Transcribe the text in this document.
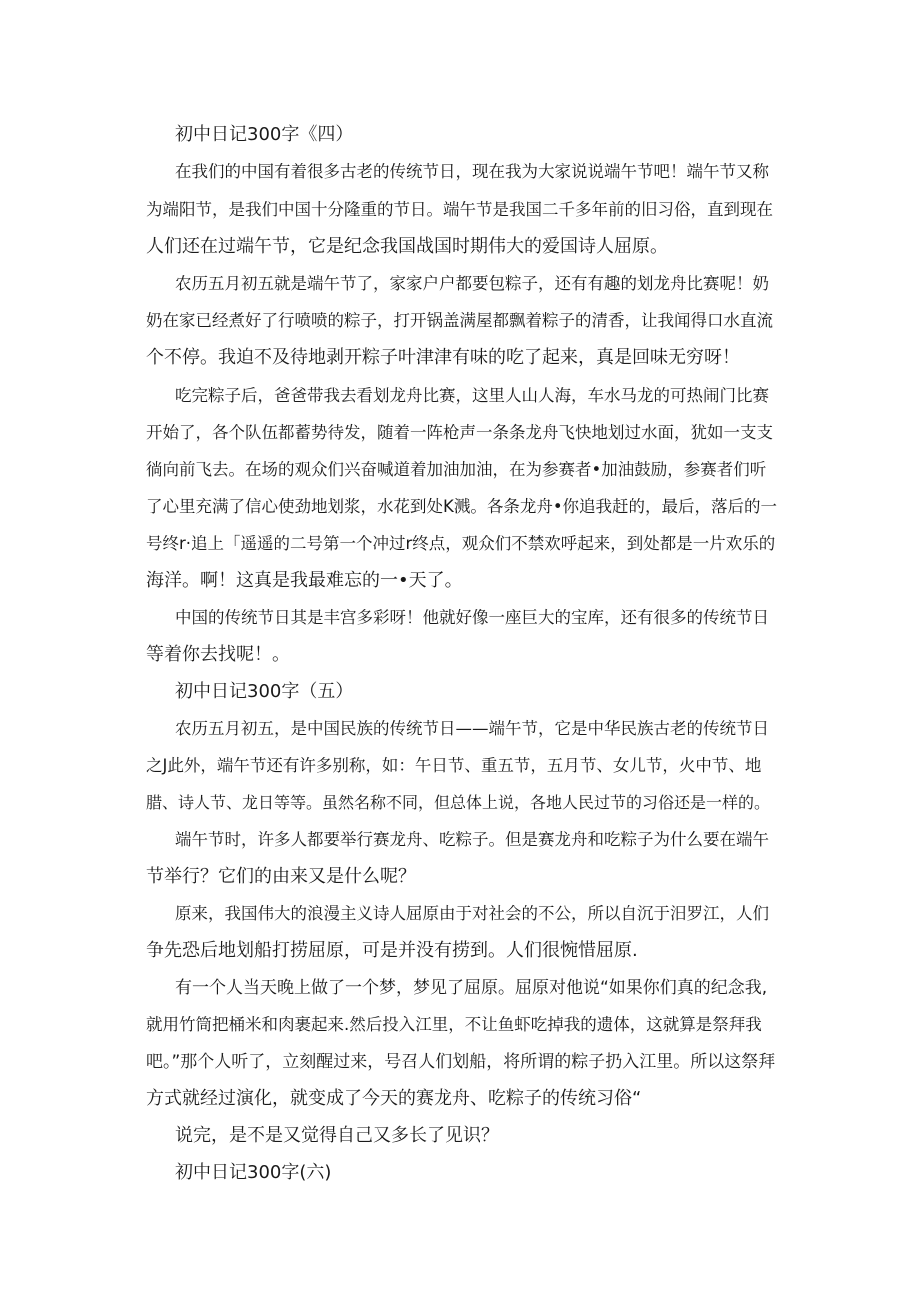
初中日记300字《四）
在我们的中国有着很多古老的传统节日，现在我为大家说说端午节吧！端午节又称
为端阳节，是我们中国十分隆重的节日。端午节是我国二千多年前的旧习俗，直到现在
人们还在过端午节，它是纪念我国战国时期伟大的爱国诗人屈原。
农历五月初五就是端午节了，家家户户都要包粽子，还有有趣的划龙舟比赛呢！奶
奶在家已经煮好了行喷喷的粽子，打开锅盖满屋都飘着粽子的清香，让我闻得口水直流
个不停。我迫不及待地剥开粽子叶津津有味的吃了起来，真是回味无穷呀！
吃完粽子后，爸爸带我去看划龙舟比赛，这里人山人海，车水马龙的可热闹门比赛
开始了，各个队伍都蓄势待发，随着一阵枪声一条条龙舟飞快地划过水面，犹如一支支
徜向前飞去。在场的观众们兴奋喊道着加油加油，在为参赛者•加油鼓励，参赛者们听
了心里充满了信心使劲地划浆，水花到处K溅。各条龙舟•你追我赶的，最后，落后的一
号终r·追上「遥遥的二号第一个冲过r终点，观众们不禁欢呼起来，到处都是一片欢乐的
海洋。啊！这真是我最难忘的一•天了。
中国的传统节日其是丰宫多彩呀！他就好像一座巨大的宝库，还有很多的传统节日
等着你去找呢！。
初中日记300字（五）
农历五月初五，是中国民族的传统节日——端午节，它是中华民族古老的传统节日
之J此外，端午节还有许多别称，如：午日节、重五节，五月节、女儿节，火中节、地
腊、诗人节、龙日等等。虽然名称不同，但总体上说，各地人民过节的习俗还是一样的。
端午节时，许多人都要举行赛龙舟、吃粽子。但是赛龙舟和吃粽子为什么要在端午
节举行？它们的由来又是什么呢？
原来，我国伟大的浪漫主义诗人屈原由于对社会的不公，所以自沉于汨罗江，人们
争先恐后地划船打捞屈原，可是并没有捞到。人们很惋惜屈原.
有一个人当天晚上做了一个梦，梦见了屈原。屈原对他说“如果你们真的纪念我,
就用竹筒把桶米和肉裹起来.然后投入江里，不让鱼虾吃掉我的遗体，这就算是祭拜我
吧。”那个人听了，立刻醒过来，号召人们划船，将所谓的粽子扔入江里。所以这祭拜
方式就经过演化，就变成了今天的赛龙舟、吃粽子的传统习俗“
说完，是不是又觉得自己又多长了见识？
初中日记300字(六)
